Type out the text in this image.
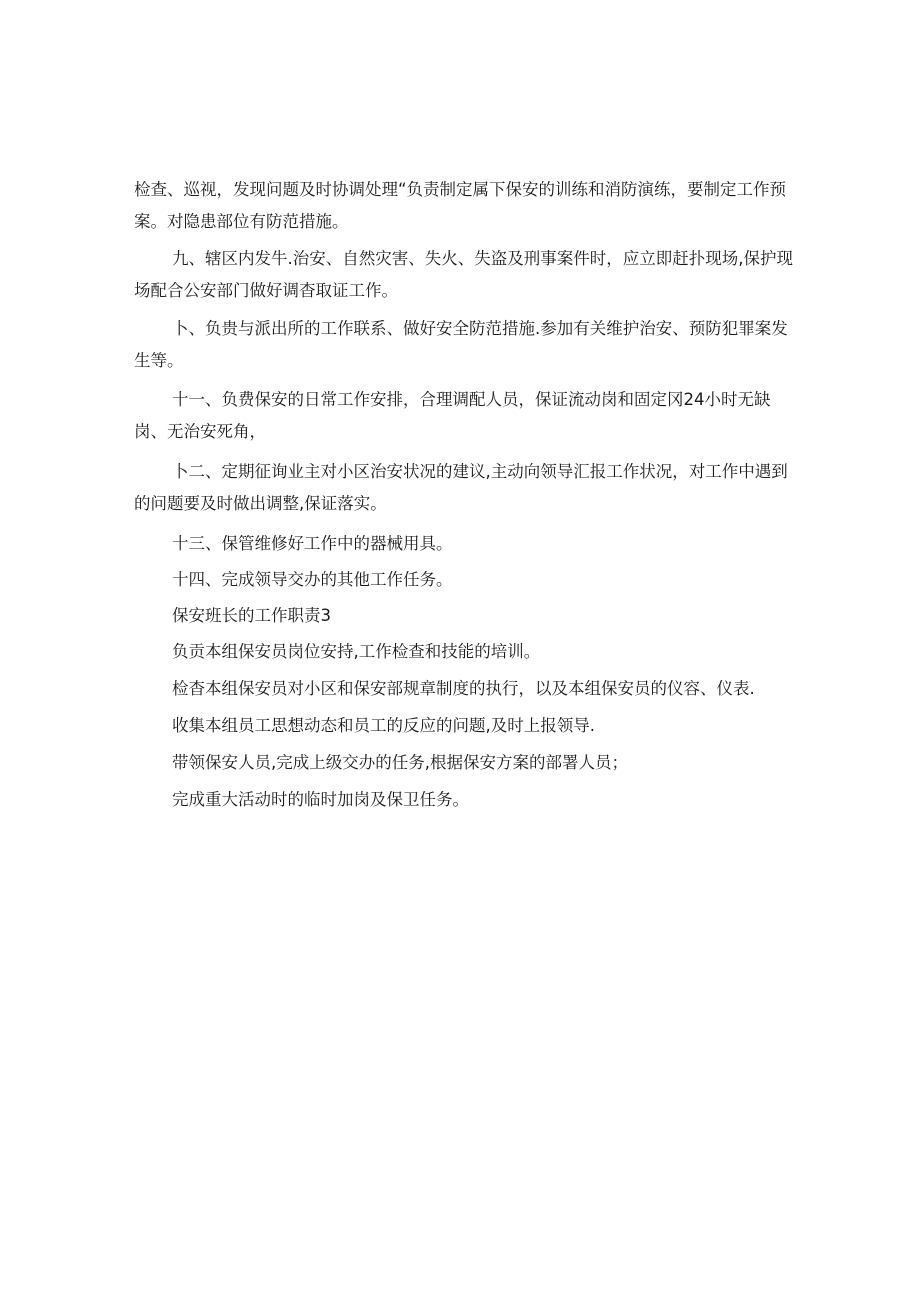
检查、巡视，发现问题及时协调处理“负责制定属下保安的训练和消防演练，要制定工作预案。对隐患部位有防范措施。

九、辖区内发牛.治安、自然灾害、失火、失盗及刑事案件时，应立即赶扑现场,保护现场配合公安部门做好调杳取证工作。

卜、负贵与派出所的工作联系、做好安全防范措施.参加有关维护治安、预防犯罪案发生等。

十一、负费保安的日常工作安排，合理调配人员，保证流动岗和固定冈24小时无缺岗、无治安死角，

卜二、定期征询业主对小区治安状况的建议,主动向领导汇报工作状况，对工作中遇到的问题要及时做出调整,保证落实。

十三、保管维修好工作中的器械用具。

十四、完成领导交办的其他工作任务。

保安班长的工作职责3

负贡本组保安员岗位安持,工作检查和技能的培训。

检杳本组保安员对小区和保安部规章制度的执行，以及本组保安员的仪容、仪表.

收集本组员工思想动态和员工的反应的问题,及时上报领导.

带领保安人员,完成上级交办的任务,根据保安方案的部署人员；

完成重大活动时的临时加岗及保卫任务。
